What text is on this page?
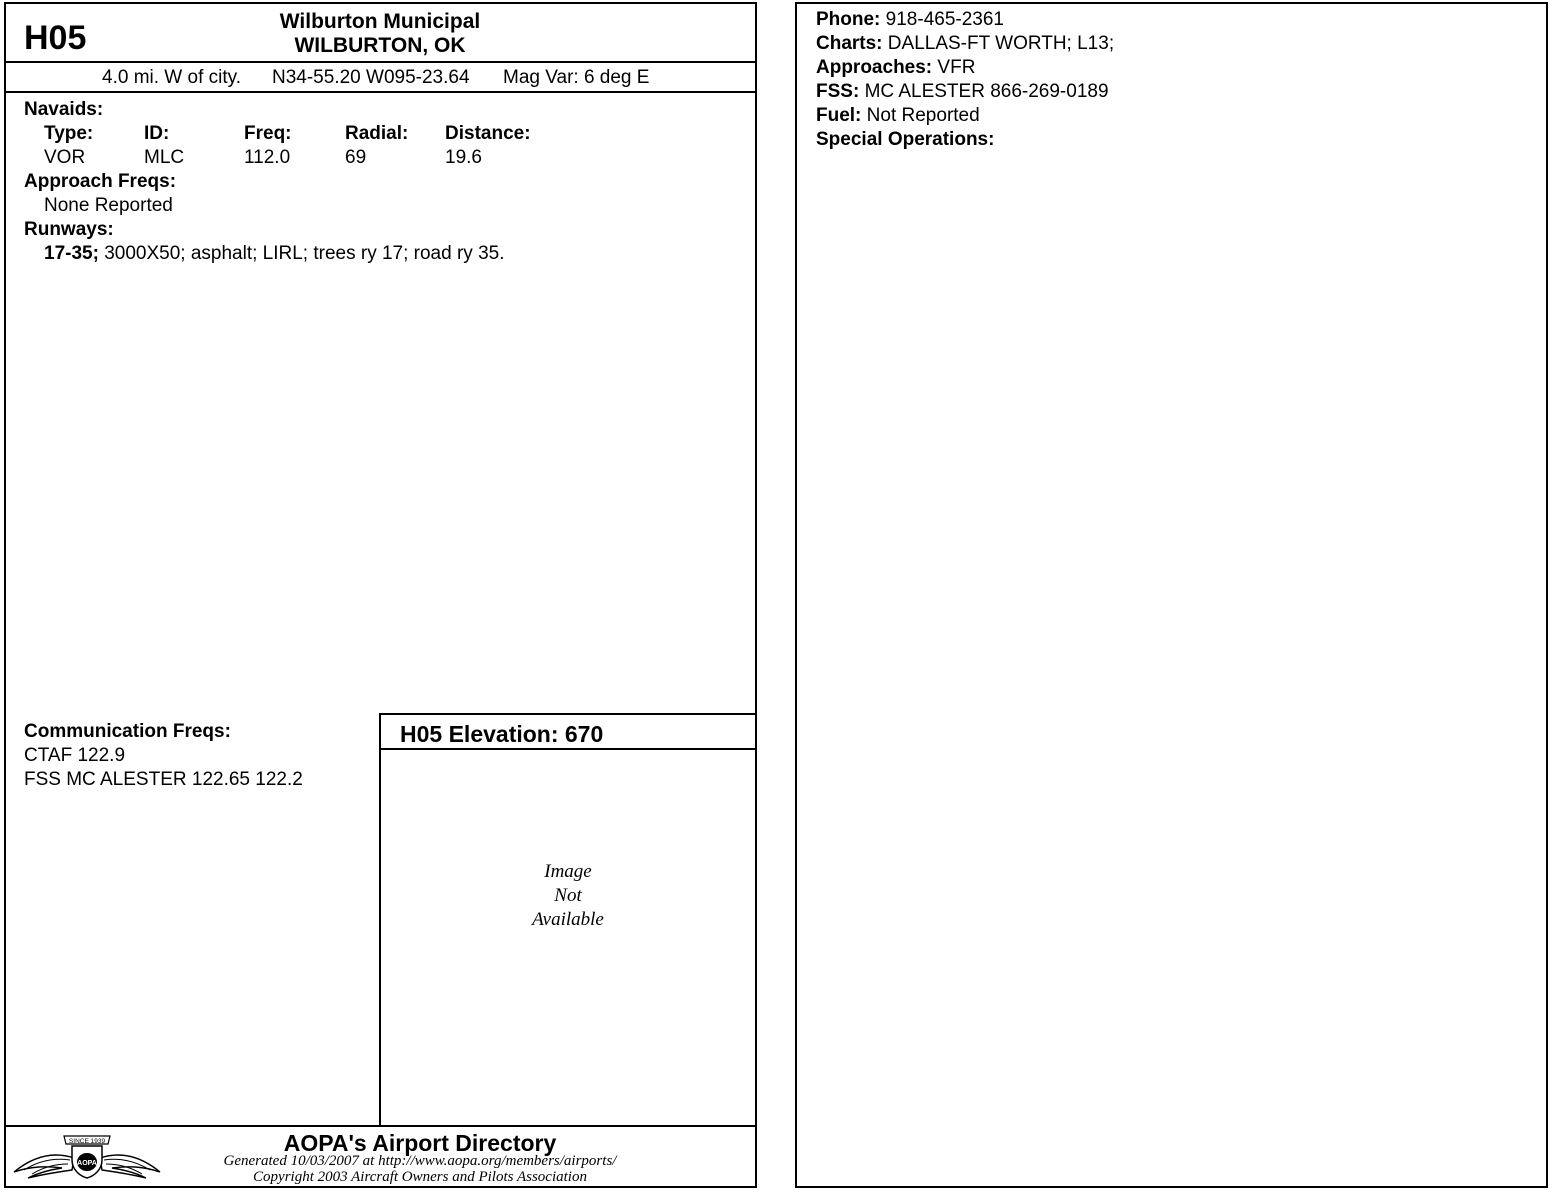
H05	Wilburton Municipal
WILBURTON, OK
4.0 mi. W of city. N34-55.20 W095-23.64 Mag Var: 6 deg E
Navaids:
Type:	ID:	Freq:	Radial: Distance:
VOR	MLC	112.0	69	19.6
Approach Freqs:
None Reported
Runways:
17-35; 3000X50; asphalt; LIRL; trees ry 17; road ry 35.
Communication Freqs:
CTAF 122.9
FSS MC ALESTER 122.65 122.2
H05 Elevation: 670
Image
Not
Available
SINCE 1939
AOPA
AOPA's Airport Directory
Generated 10/03/2007 at http://www.aopa.org/members/airports/
Copyright 2003 Aircraft Owners and Pilots Association
Phone: 918-465-2361
Charts: DALLAS-FT WORTH; L13;
Approaches: VFR
FSS: MC ALESTER 866-269-0189
Fuel: Not Reported
Special Operations:
